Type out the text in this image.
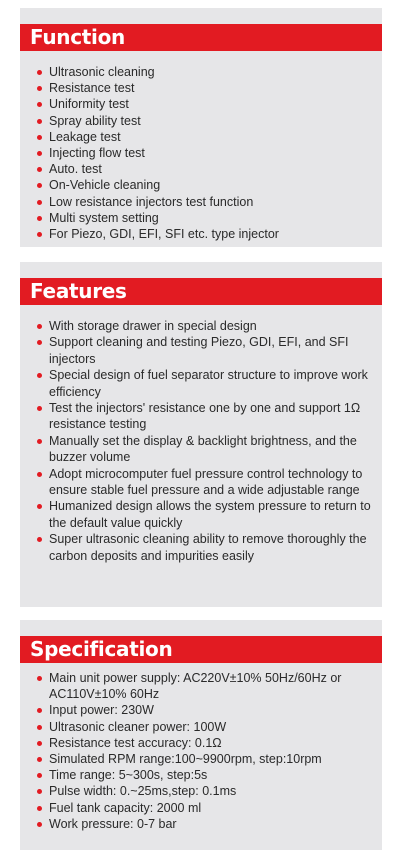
Function
Ultrasonic cleaning
Resistance test
Uniformity test
Spray ability test
Leakage test
Injecting flow test
Auto. test
On-Vehicle cleaning
Low resistance injectors test function
Multi system setting
For Piezo, GDI, EFI, SFI etc. type injector
Features
With storage drawer in special design
Support cleaning and testing Piezo, GDI, EFI, and SFI injectors
Special design of fuel separator structure to improve work efficiency
Test the injectors' resistance one by one and support 1Ω resistance testing
Manually set the display & backlight brightness, and the buzzer volume
Adopt microcomputer fuel pressure control technology to ensure stable fuel pressure and a wide adjustable range
Humanized design allows the system pressure to return to the default value quickly
Super ultrasonic cleaning ability to remove thoroughly the carbon deposits and impurities easily
Specification
Main unit power supply: AC220V±10% 50Hz/60Hz or AC110V±10% 60Hz
Input power: 230W
Ultrasonic cleaner power: 100W
Resistance test accuracy: 0.1Ω
Simulated RPM range:100~9900rpm, step:10rpm
Time range: 5~300s, step:5s
Pulse width: 0.~25ms,step: 0.1ms
Fuel tank capacity: 2000 ml
Work pressure: 0-7 bar
